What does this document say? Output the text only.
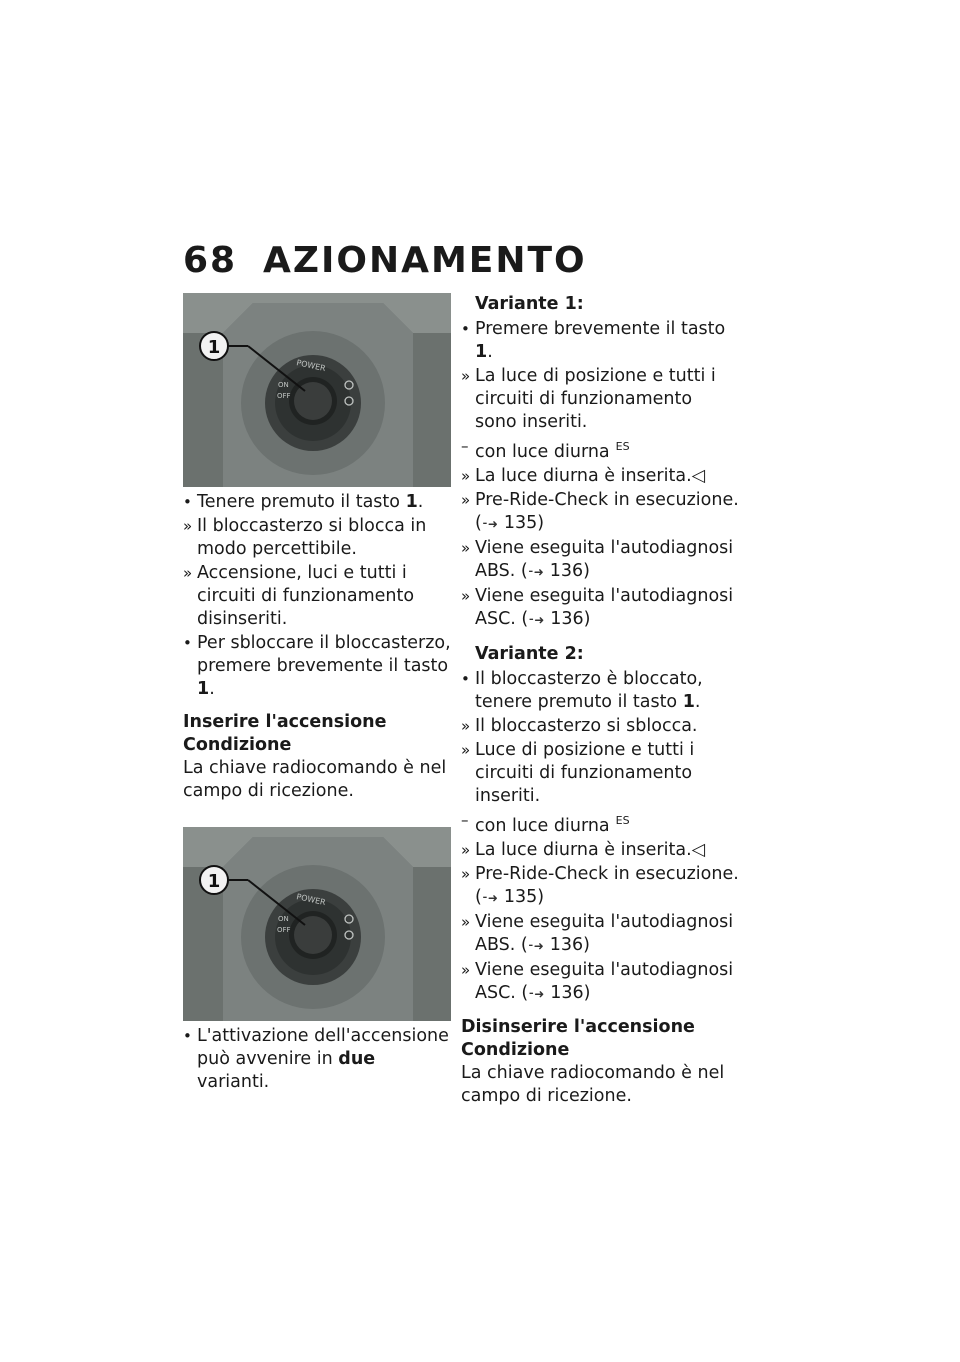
68 AZIONAMENTO
POWER
ON
OFF
1
• Tenere premuto il tasto 1.
» Il bloccasterzo si blocca in modo percettibile.
» Accensione, luci e tutti i circuiti di funzionamento disinseriti.
• Per sbloccare il bloccasterzo, premere brevemente il tasto 1.
Inserire l'accensione
Condizione
La chiave radiocomando è nel campo di ricezione.
POWER
ON
OFF
1
• L'attivazione dell'accensione può avvenire in due varianti.
Variante 1:
• Premere brevemente il tasto 1.
» La luce di posizione e tutti i circuiti di funzionamento sono inseriti.
– con luce diurna $^{ES}$
» La luce diurna è inserita.◁
» Pre-Ride-Check in esecuzione. (⁃➜ 135)
» Viene eseguita l'autodiagnosi ABS. (⁃➜ 136)
» Viene eseguita l'autodiagnosi ASC. (⁃➜ 136)
Variante 2:
• Il bloccasterzo è bloccato, tenere premuto il tasto 1.
» Il bloccasterzo si sblocca.
» Luce di posizione e tutti i circuiti di funzionamento inseriti.
– con luce diurna $^{ES}$
» La luce diurna è inserita.◁
» Pre-Ride-Check in esecuzione. (⁃➜ 135)
» Viene eseguita l'autodiagnosi ABS. (⁃➜ 136)
» Viene eseguita l'autodiagnosi ASC. (⁃➜ 136)
Disinserire l'accensione
Condizione
La chiave radiocomando è nel campo di ricezione.
